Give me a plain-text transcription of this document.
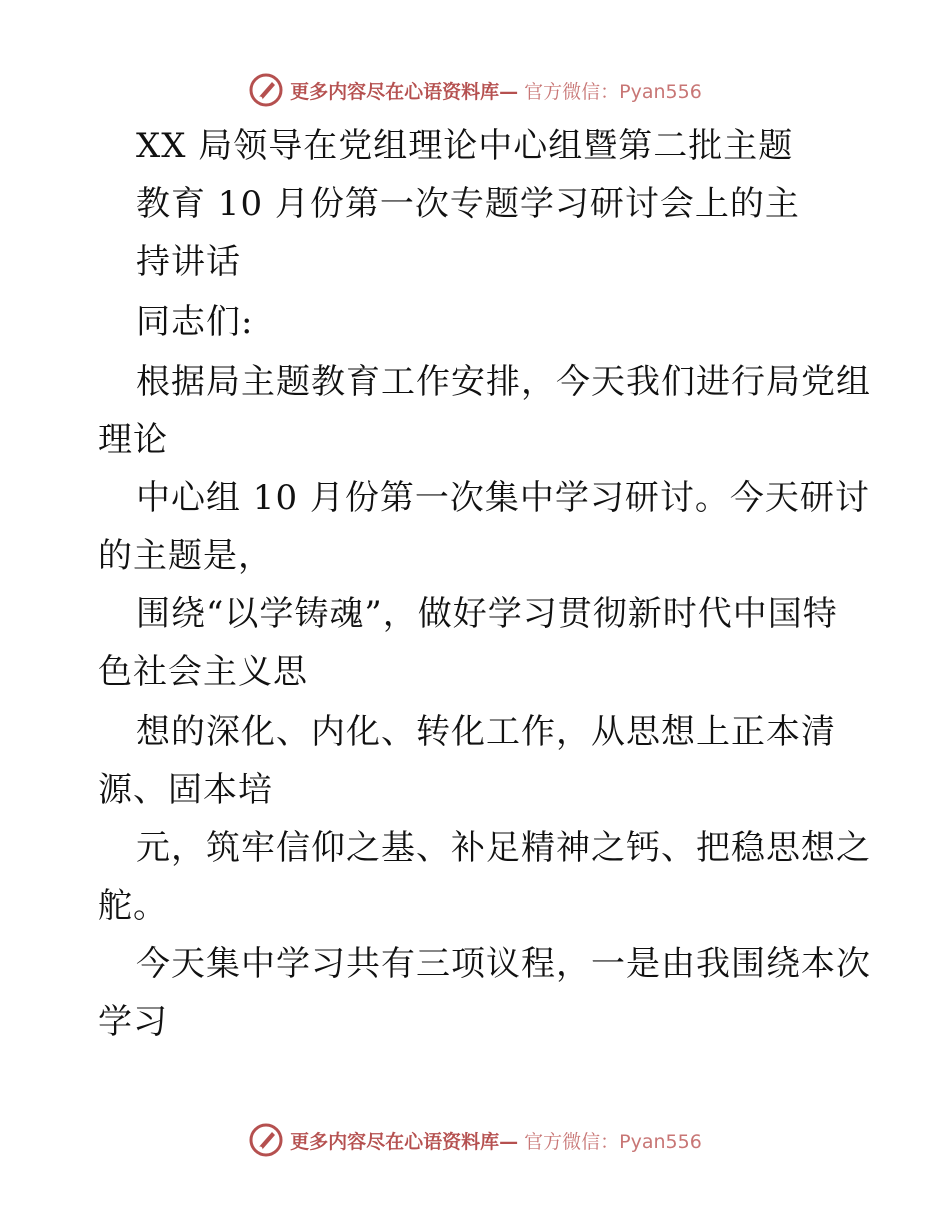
更多内容尽在心语资料库— 官方微信：Pyan556
XX 局领导在党组理论中心组暨第二批主题
教育 10 月份第一次专题学习研讨会上的主
持讲话
同志们:
根据局主题教育工作安排，今天我们进行局党组
理论
中心组 10 月份第一次集中学习研讨。今天研讨
的主题是，
围绕“以学铸魂”，做好学习贯彻新时代中国特
色社会主义思
想的深化、内化、转化工作，从思想上正本清
源、固本培
元，筑牢信仰之基、补足精神之钙、把稳思想之
舵。
今天集中学习共有三项议程，一是由我围绕本次
学习
更多内容尽在心语资料库— 官方微信：Pyan556
